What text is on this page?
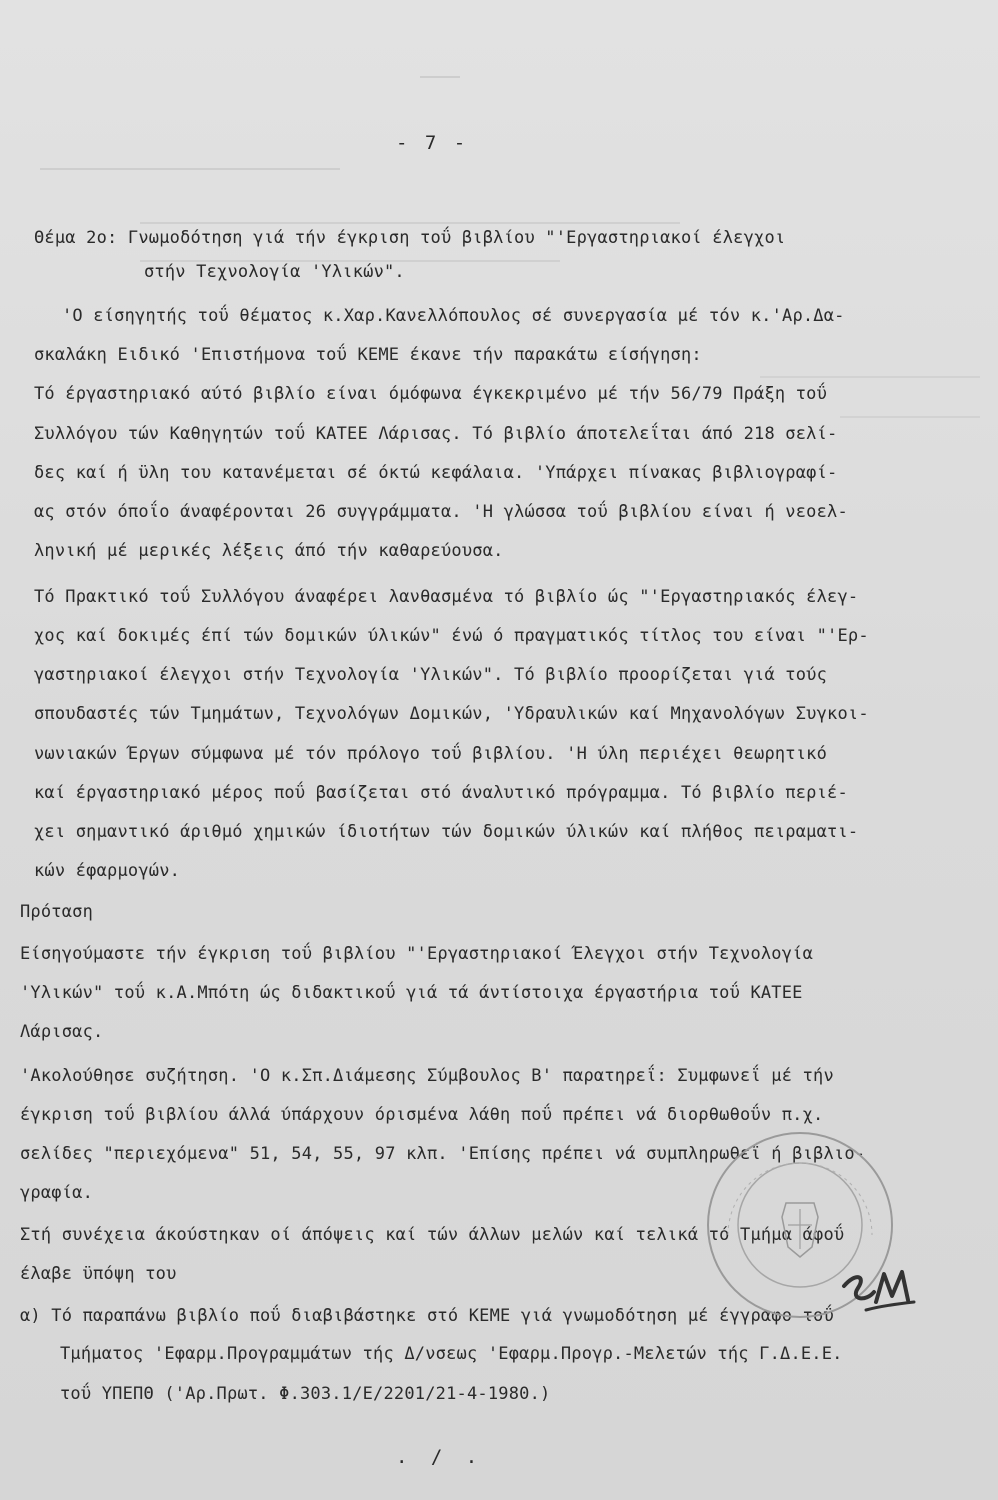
- 7 -
Θέμα 2ο: Γνωμοδότηση γιά τήν έγκριση τοΰ βιβλίου "'Εργαστηριακοί έλεγχοι
στήν Τεχνολογία 'Υλικών".
'Ο είσηγητής τοΰ θέματος κ.Χαρ.Κανελλόπουλος σέ συνεργασία μέ τόν κ.'Αρ.Δα-
σκαλάκη Ειδικό 'Επιστήμονα τοΰ ΚΕΜΕ έκανε τήν παρακάτω είσήγηση:
Τό έργαστηριακό αύτό βιβλίο είναι όμόφωνα έγκεκριμένο μέ τήν 56/79 Πράξη τοΰ
Συλλόγου τών Καθηγητών τοΰ ΚΑΤΕΕ Λάρισας. Τό βιβλίο άποτελεΐται άπό 218 σελί-
δες καί ή ϋλη του κατανέμεται σέ όκτώ κεφάλαια. 'Υπάρχει πίνακας βιβλιογραφί-
ας στόν όποΐο άναφέρονται 26 συγγράμματα. 'Η γλώσσα τοΰ βιβλίου είναι ή νεοελ-
ληνική μέ μερικές λέξεις άπό τήν καθαρεύουσα.
Τό Πρακτικό τοΰ Συλλόγου άναφέρει λανθασμένα τό βιβλίο ώς "'Εργαστηριακός έλεγ-
χος καί δοκιμές έπί τών δομικών ύλικών" ένώ ό πραγματικός τίτλος του είναι "'Ερ-
γαστηριακοί έλεγχοι στήν Τεχνολογία 'Υλικών". Τό βιβλίο προορίζεται γιά τούς
σπουδαστές τών Τμημάτων, Τεχνολόγων Δομικών, 'Υδραυλικών καί Μηχανολόγων Συγκοι-
νωνιακών Έργων σύμφωνα μέ τόν πρόλογο τοΰ βιβλίου. 'Η ύλη περιέχει θεωρητικό
καί έργαστηριακό μέρος ποΰ βασίζεται στό άναλυτικό πρόγραμμα. Τό βιβλίο περιέ-
χει σημαντικό άριθμό χημικών ίδιοτήτων τών δομικών ύλικών καί πλήθος πειραματι-
κών έφαρμογών.
Πρόταση
Είσηγούμαστε τήν έγκριση τοΰ βιβλίου "'Εργαστηριακοί Έλεγχοι στήν Τεχνολογία
'Υλικών" τοΰ κ.Α.Μπότη ώς διδακτικοΰ γιά τά άντίστοιχα έργαστήρια τοΰ ΚΑΤΕΕ
Λάρισας.
'Ακολούθησε συζήτηση. 'Ο κ.Σπ.Διάμεσης Σύμβουλος Β' παρατηρεΐ: Συμφωνεΐ μέ τήν
έγκριση τοΰ βιβλίου άλλά ύπάρχουν όρισμένα λάθη ποΰ πρέπει νά διορθωθοΰν π.χ.
σελίδες "περιεχόμενα" 51, 54, 55, 97 κλπ. 'Επίσης πρέπει νά συμπληρωθεΐ ή βιβλιο-
γραφία.
Στή συνέχεια άκούστηκαν οί άπόψεις καί τών άλλων μελών καί τελικά τό Τμήμα άφοΰ
έλαβε ϋπόψη του
α) Τό παραπάνω βιβλίο ποΰ διαβιβάστηκε στό ΚΕΜΕ γιά γνωμοδότηση μέ έγγραφο τοΰ
Τμήματος 'Εφαρμ.Προγραμμάτων τής Δ/νσεως 'Εφαρμ.Προγρ.-Μελετών τής Γ.Δ.Ε.Ε.
τοΰ ΥΠΕΠΘ ('Αρ.Πρωτ. Φ.303.1/Ε/2201/21-4-1980.)
. / .
